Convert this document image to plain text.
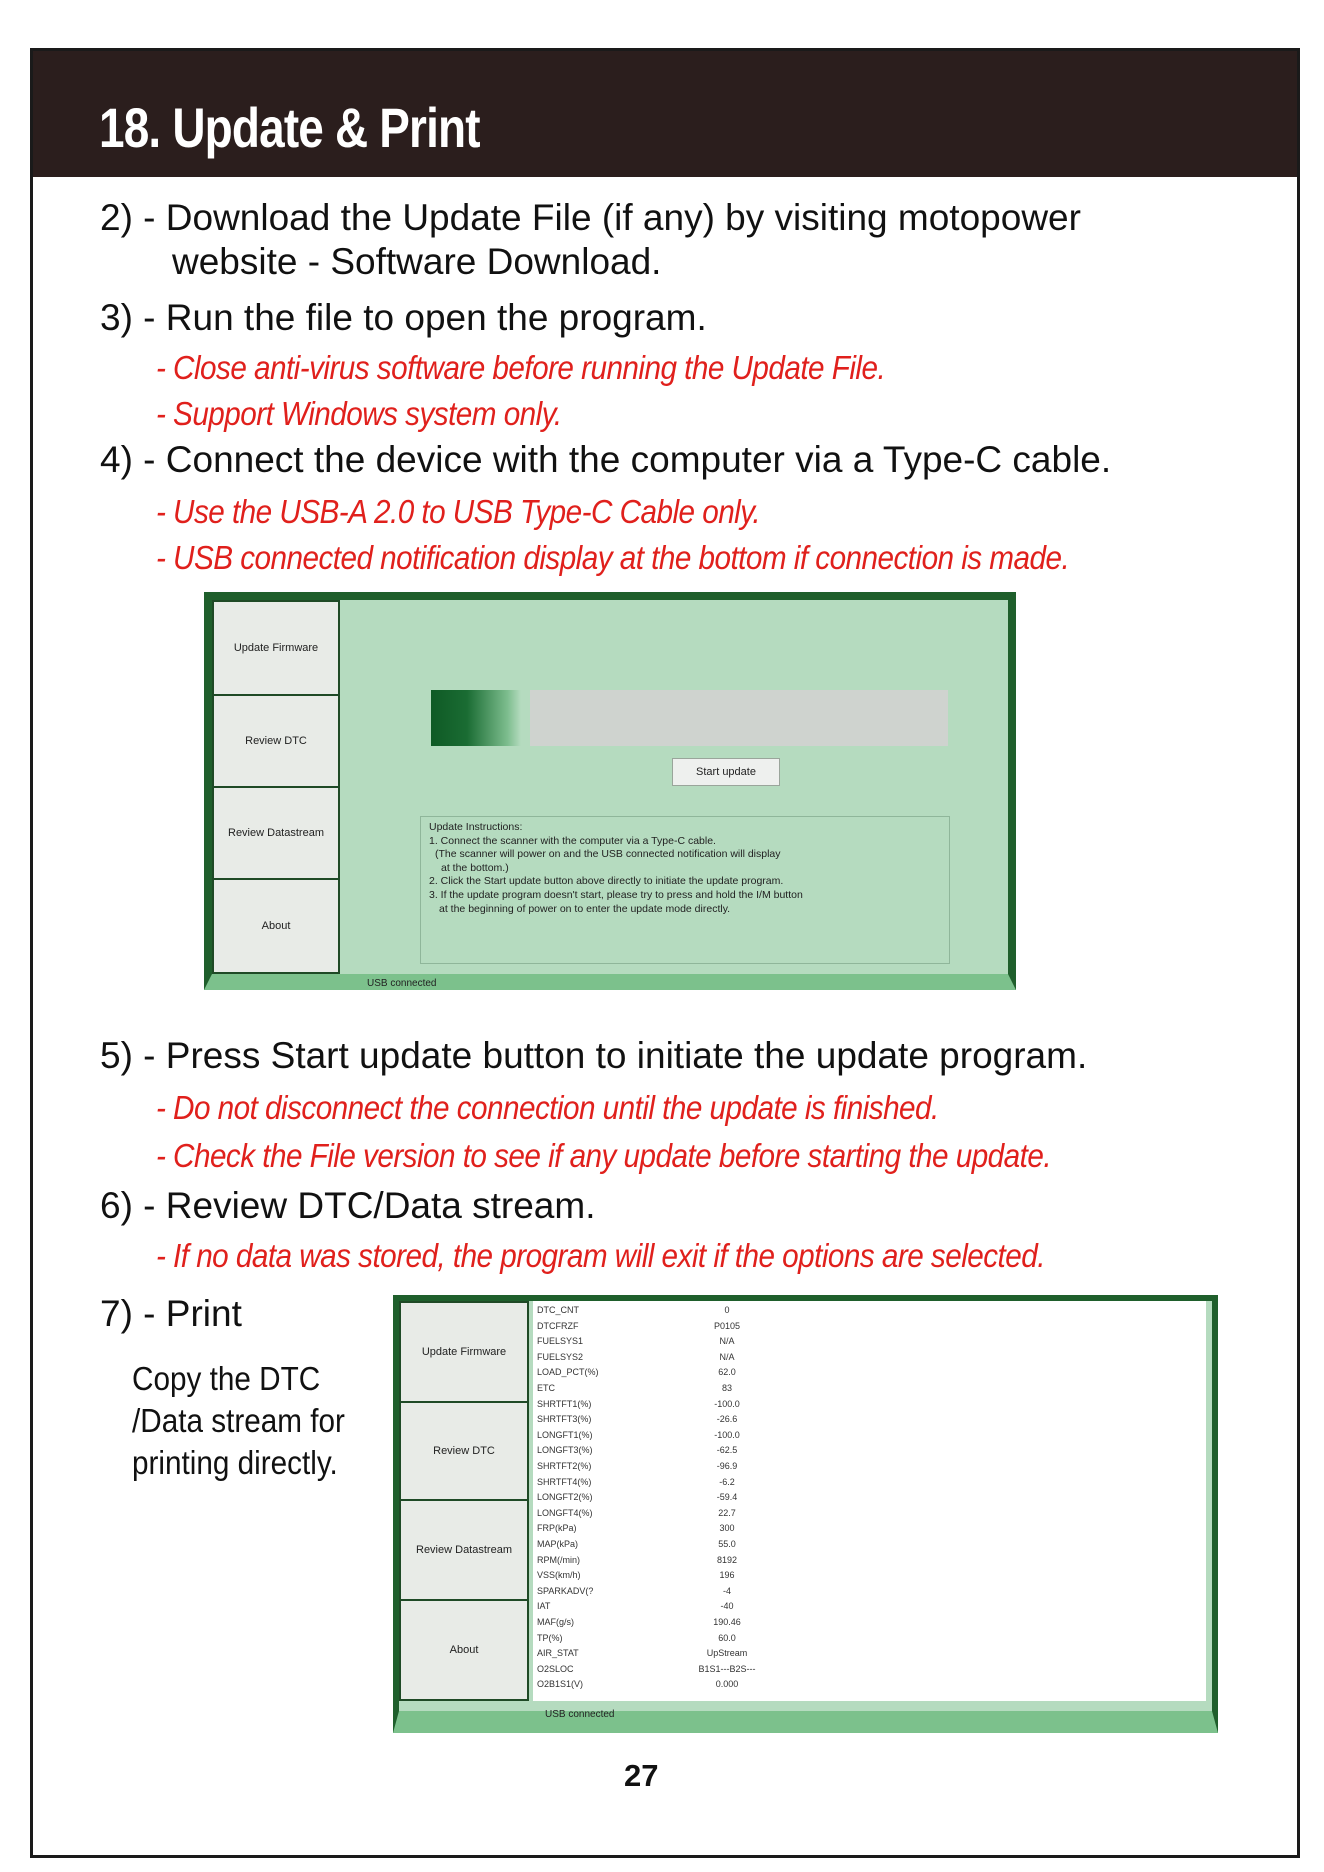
18. Update & Print
2) - Download the Update File (if any) by visiting motopower
website - Software Download.
3) - Run the file to open the program.
- Close anti-virus software before running the Update File.
- Support Windows system only.
4) - Connect the device with the computer via a Type-C cable.
- Use the USB-A 2.0 to USB Type-C Cable only.
- USB connected notification display at the bottom if connection is made.
Update Firmware
Review DTC
Review Datastream
About
Start update
Update Instructions:
1. Connect the scanner with the computer via a Type-C cable.
(The scanner will power on and the USB connected notification will display
at the bottom.)
2. Click the Start update button above directly to initiate the update program.
3. If the update program doesn't start, please try to press and hold the I/M button
at the beginning of power on to enter the update mode directly.
USB connected
5) - Press Start update button to initiate the update program.
- Do not disconnect the connection until the update is finished.
- Check the File version to see if any update before starting the update.
6) - Review DTC/Data stream.
- If no data was stored, the program will exit if the options are selected.
7) - Print
Copy the DTC
/Data stream for
printing directly.
Update Firmware
Review DTC
Review Datastream
About
DTC_CNT	0
DTCFRZF	P0105
FUELSYS1	N/A
FUELSYS2	N/A
LOAD_PCT(%)	62.0
ETC	83
SHRTFT1(%)	-100.0
SHRTFT3(%)	-26.6
LONGFT1(%)	-100.0
LONGFT3(%)	-62.5
SHRTFT2(%)	-96.9
SHRTFT4(%)	-6.2
LONGFT2(%)	-59.4
LONGFT4(%)	22.7
FRP(kPa)	300
MAP(kPa)	55.0
RPM(/min)	8192
VSS(km/h)	196
SPARKADV(?	-4
IAT	-40
MAF(g/s)	190.46
TP(%)	60.0
AIR_STAT	UpStream
O2SLOC	B1S1---B2S---
O2B1S1(V)	0.000
USB connected
27
